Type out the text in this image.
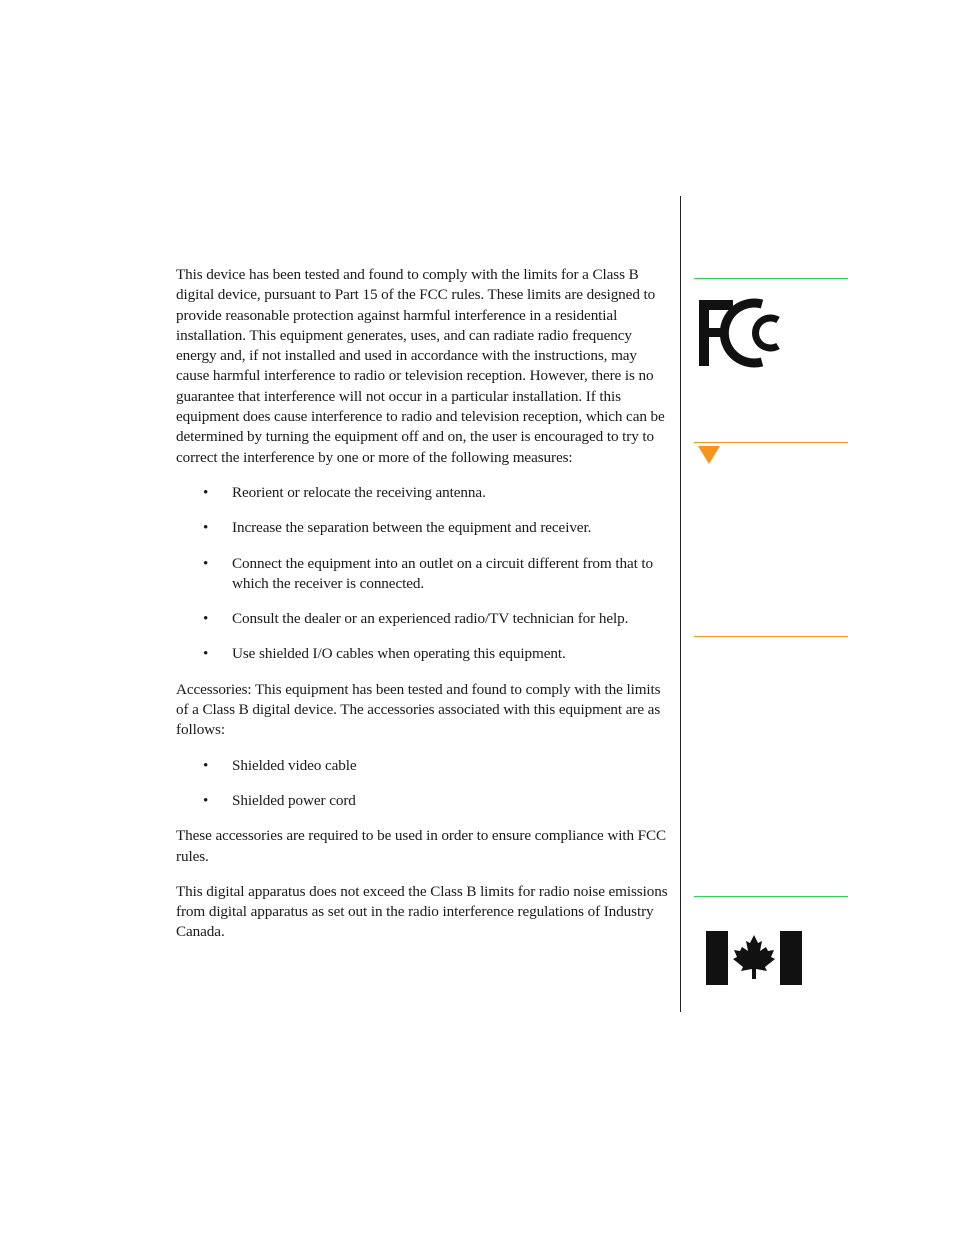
This device has been tested and found to comply with the limits for a Class B digital device, pursuant to Part 15 of the FCC rules. These limits are designed to provide reasonable protection against harmful interference in a residential installation. This equipment generates, uses, and can radiate radio frequency energy and, if not installed and used in accordance with the instructions, may cause harmful interference to radio or television reception. However, there is no guarantee that interference will not occur in a particular installation. If this equipment does cause interference to radio and television reception, which can be determined by turning the equipment off and on, the user is encouraged to try to correct the interference by one or more of the following measures:

• Reorient or relocate the receiving antenna.
• Increase the separation between the equipment and receiver.
• Connect the equipment into an outlet on a circuit different from that to which the receiver is connected.
• Consult the dealer or an experienced radio/TV technician for help.
• Use shielded I/O cables when operating this equipment.

Accessories: This equipment has been tested and found to comply with the limits of a Class B digital device. The accessories associated with this equipment are as follows:

• Shielded video cable
• Shielded power cord

These accessories are required to be used in order to ensure compliance with FCC rules.

This digital apparatus does not exceed the Class B limits for radio noise emissions from digital apparatus as set out in the radio interference regulations of Industry Canada.
